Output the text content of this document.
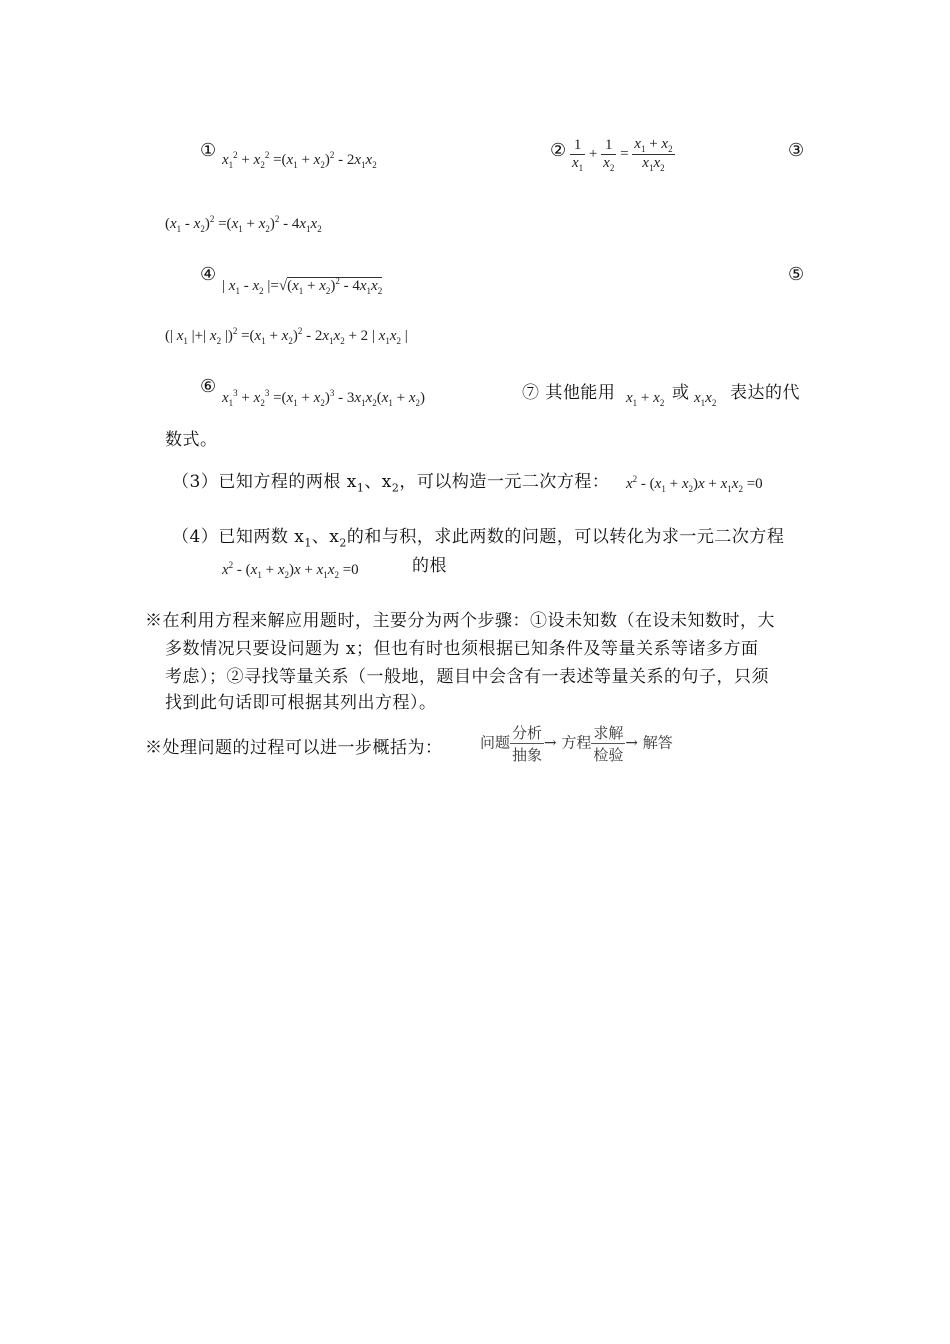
① $x_1^2 + x_2^2 =(x_1 + x_2)^2 - 2x_1x_2$
② $\frac{1}{x_1} + \frac{1}{x_2} = \frac{x_1 + x_2}{x_1x_2}$	③
$(x_1 - x_2)^2 =(x_1 + x_2)^2 - 4x_1x_2$
④
| $x_1 - x_2$ $|=√(x_1 + x_2)^2 - 4x_1x_2$
⑤
(| $x_1$ |+| $x_2$ $|)^2 =(x_1 + x_2)^2 - 2x_1x_2 + 2$ | $x_1x_2$ |
⑥
$x_1^3 + x_2^3 =(x_1 + x_2)^3 - 3x_1x_2(x_1 + x_2)$	⑦ 其他能用 $x_1 + x_2$ 或 $x_1x_2$ 表达的代
数式。
（3）已知方程的两根 $x_1$、$x_2$，可以构造一元二次方程： $x^2 - (x_1 + x_2)x + x_1x_2 =0$
（4）已知两数 $x_1$、$x_2$的和与积，求此两数的问题，可以转化为求一元二次方程
$x^2 - (x_1 + x_2)x + x_1x_2 =0$	的根
※在利用方程来解应用题时，主要分为两个步骤：①设未知数（在设未知数时，大
多数情况只要设问题为 x；但也有时也须根据已知条件及等量关系等诸多方面
考虑）；②寻找等量关系（一般地，题目中会含有一表述等量关系的句子，只须
找到此句话即可根据其列出方程）。
※处理问题的过程可以进一步概括为：	问题 $\frac{\text{分析}}{\text{抽象}}$ → 方程 $\frac{\text{求解}}{\text{检验}}$ → 解答
